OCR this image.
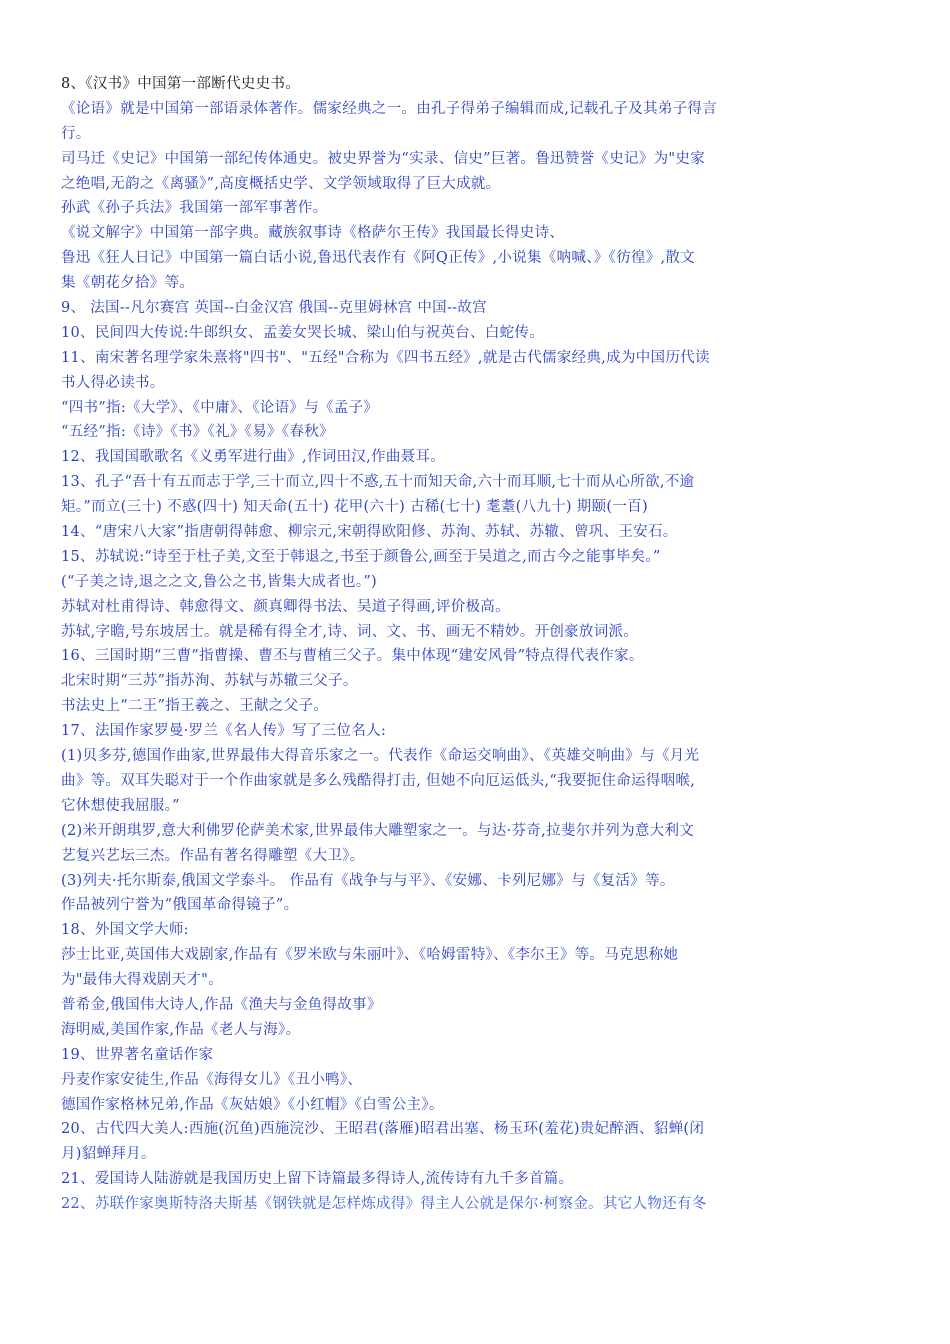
8、《汉书》中国第一部断代史史书。
《论语》就是中国第一部语录体著作。儒家经典之一。由孔子得弟子编辑而成,记载孔子及其弟子得言
行。
司马迁《史记》中国第一部纪传体通史。被史界誉为“实录、信史”巨著。鲁迅赞誉《史记》为"史家
之绝唱,无韵之《离骚》”,高度概括史学、文学领域取得了巨大成就。
孙武《孙子兵法》我国第一部军事著作。
《说文解字》中国第一部字典。藏族叙事诗《格萨尔王传》我国最长得史诗、
鲁迅《狂人日记》中国第一篇白话小说,鲁迅代表作有《阿Q正传》,小说集《呐喊、》《彷徨》,散文
集《朝花夕拾》等。
9、 法国--凡尔赛宫 英国--白金汉宫 俄国--克里姆林宫 中国--故宫
10、民间四大传说:牛郎织女、孟姜女哭长城、梁山伯与祝英台、白蛇传。
11、南宋著名理学家朱熹将"四书"、"五经"合称为《四书五经》,就是古代儒家经典,成为中国历代读
书人得必读书。
“四书”指:《大学》、《中庸》、《论语》与《孟子》
“五经”指:《诗》《书》《礼》《易》《春秋》
12、我国国歌歌名《义勇军进行曲》,作词田汉,作曲聂耳。
13、孔子“吾十有五而志于学,三十而立,四十不惑,五十而知天命,六十而耳顺,七十而从心所欲,不逾
矩。”而立(三十) 不惑(四十) 知天命(五十) 花甲(六十) 古稀(七十) 耄耋(八九十) 期颐(一百)
14、“唐宋八大家”指唐朝得韩愈、柳宗元,宋朝得欧阳修、苏洵、苏轼、苏辙、曾巩、王安石。
15、苏轼说:“诗至于杜子美,文至于韩退之,书至于颜鲁公,画至于吴道之,而古今之能事毕矣。”
(“子美之诗,退之之文,鲁公之书,皆集大成者也。”)
苏轼对杜甫得诗、韩愈得文、颜真卿得书法、吴道子得画,评价极高。
苏轼,字瞻,号东坡居士。就是稀有得全才,诗、词、文、书、画无不精妙。开创豪放词派。
16、三国时期“三曹”指曹操、曹丕与曹植三父子。集中体现“建安风骨”特点得代表作家。
北宋时期“三苏”指苏洵、苏轼与苏辙三父子。
书法史上“二王”指王羲之、王献之父子。
17、法国作家罗曼·罗兰《名人传》写了三位名人:
(1)贝多芬,德国作曲家,世界最伟大得音乐家之一。代表作《命运交响曲》、《英雄交响曲》与《月光
曲》等。双耳失聪对于一个作曲家就是多么残酷得打击, 但她不向厄运低头,“我要扼住命运得咽喉,
它休想使我屈服。”
(2)米开朗琪罗,意大利佛罗伦萨美术家,世界最伟大雕塑家之一。与达·芬奇,拉斐尔并列为意大利文
艺复兴艺坛三杰。作品有著名得雕塑《大卫》。
(3)列夫·托尔斯泰,俄国文学泰斗。 作品有《战争与与平》、《安娜、卡列尼娜》与《复活》等。
作品被列宁誉为“俄国革命得镜子”。
18、外国文学大师:
莎士比亚,英国伟大戏剧家,作品有《罗米欧与朱丽叶》、《哈姆雷特》、《李尔王》等。马克思称她
为"最伟大得戏剧天才"。
普希金,俄国伟大诗人,作品《渔夫与金鱼得故事》
海明威,美国作家,作品《老人与海》。
19、世界著名童话作家
丹麦作家安徒生,作品《海得女儿》《丑小鸭》、
德国作家格林兄弟,作品《灰姑娘》《小红帽》《白雪公主》。
20、古代四大美人:西施(沉鱼)西施浣沙、王昭君(落雁)昭君出塞、杨玉环(羞花)贵妃醉酒、貂蝉(闭
月)貂蝉拜月。
21、爱国诗人陆游就是我国历史上留下诗篇最多得诗人,流传诗有九千多首篇。
22、苏联作家奥斯特洛夫斯基《钢铁就是怎样炼成得》得主人公就是保尔·柯察金。其它人物还有冬
